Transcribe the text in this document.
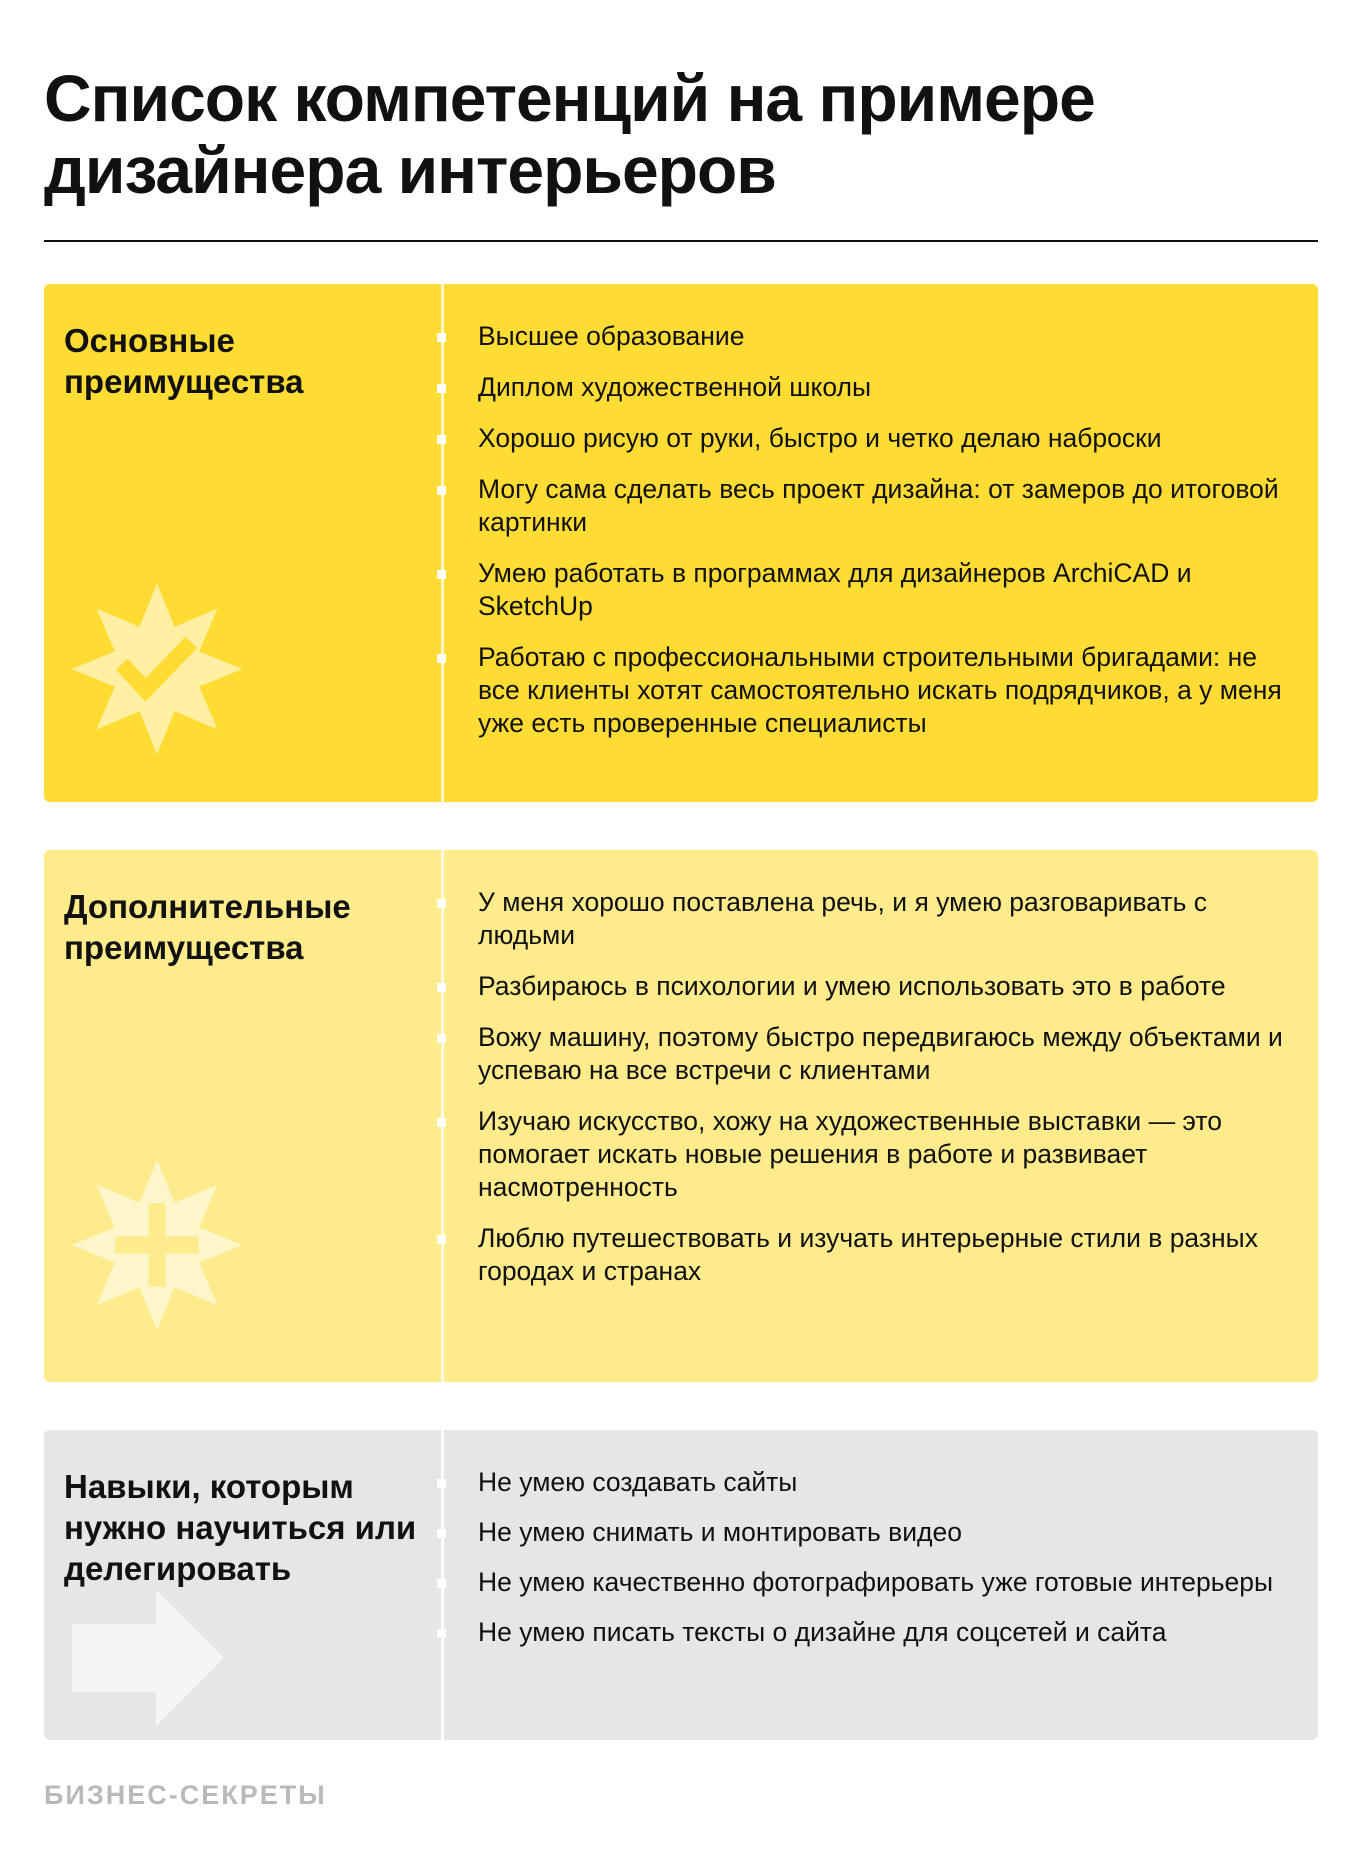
Список компетенций на примере дизайнера интерьеров
Основные преимущества
Высшее образование
Диплом художественной школы
Хорошо рисую от руки, быстро и четко делаю наброски
Могу сама сделать весь проект дизайна: от замеров до итоговой картинки
Умею работать в программах для дизайнеров ArchiCAD и SketchUp
Работаю с профессиональными строительными бригадами: не все клиенты хотят самостоятельно искать подрядчиков, а у меня уже есть проверенные специалисты
Дополнительные преимущества
У меня хорошо поставлена речь, и я умею разговаривать с людьми
Разбираюсь в психологии и умею использовать это в работе
Вожу машину, поэтому быстро передвигаюсь между объектами и успеваю на все встречи с клиентами
Изучаю искусство, хожу на художественные выставки — это помогает искать новые решения в работе и развивает насмотренность
Люблю путешествовать и изучать интерьерные стили в разных городах и странах
Навыки, которым нужно научиться или делегировать
Не умею создавать сайты
Не умею снимать и монтировать видео
Не умею качественно фотографировать уже готовые интерьеры
Не умею писать тексты о дизайне для соцсетей и сайта

БИЗНЕС-СЕКРЕТЫ
